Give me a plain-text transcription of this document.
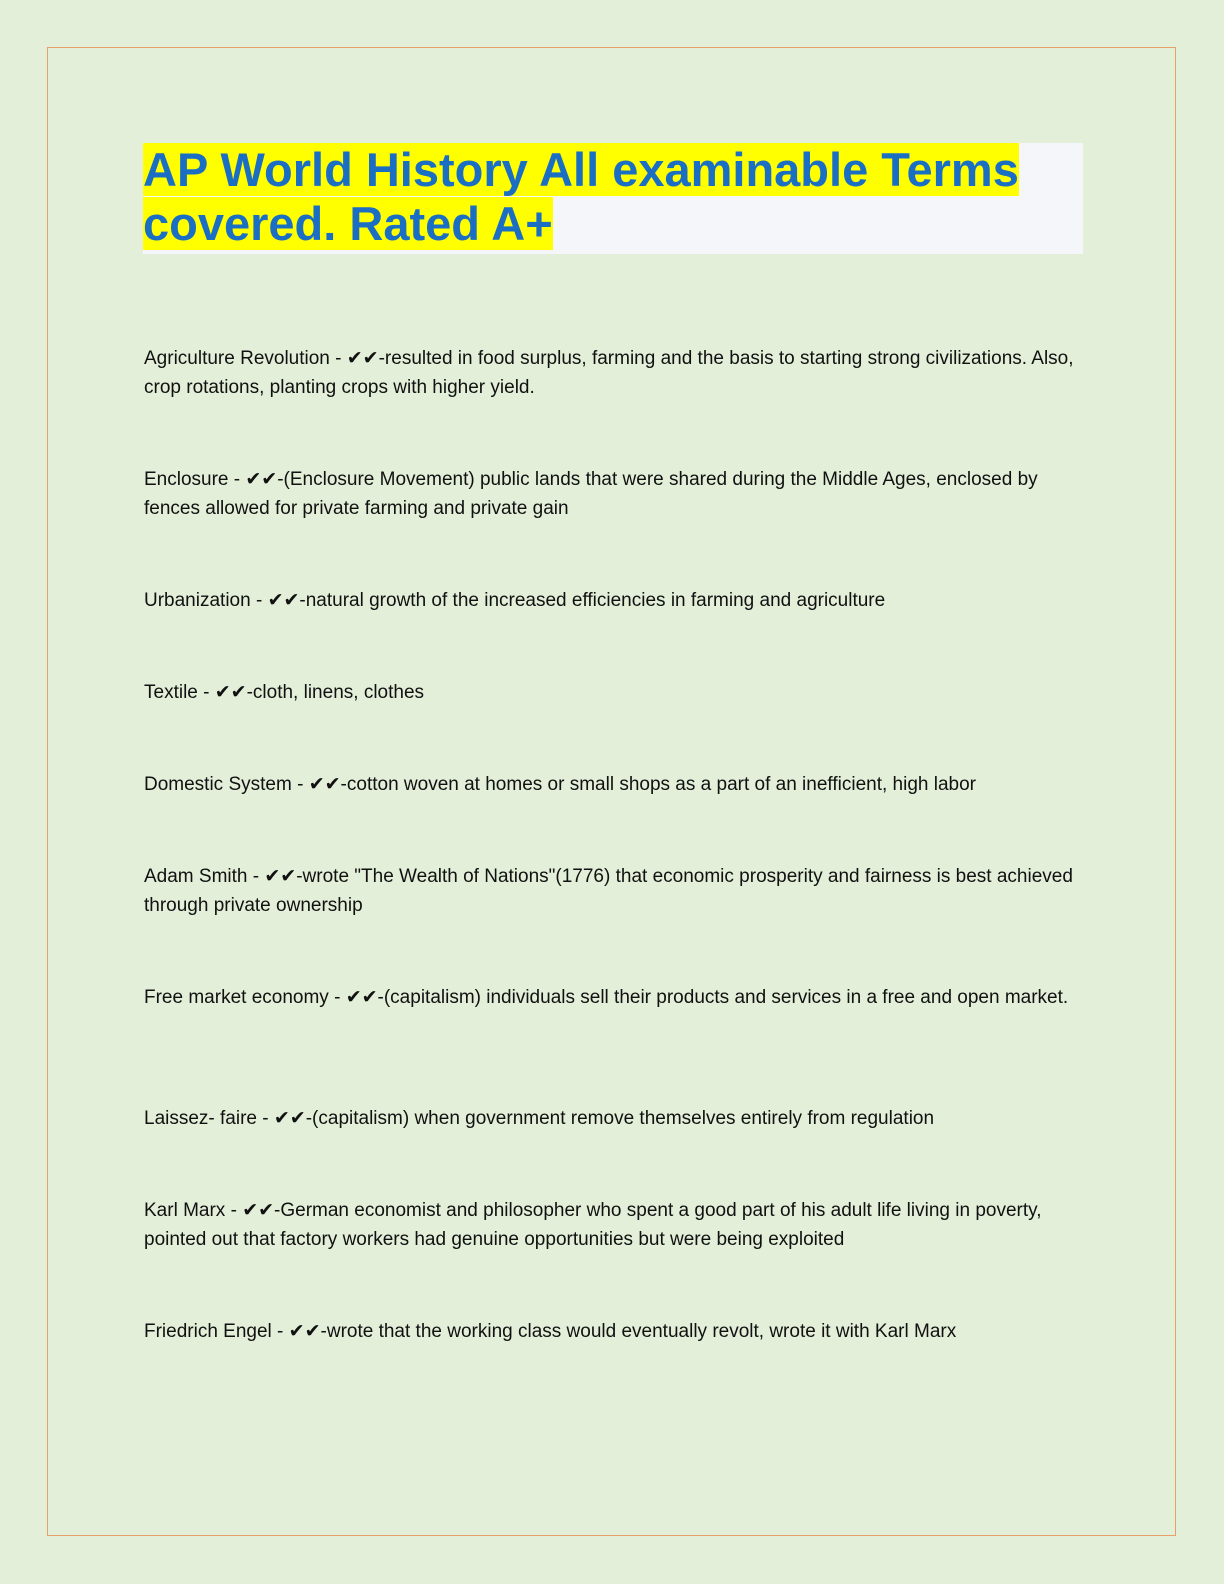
AP World History All examinable Terms covered. Rated A+

Agriculture Revolution - ✔✔-resulted in food surplus, farming and the basis to starting strong civilizations. Also, crop rotations, planting crops with higher yield.

Enclosure - ✔✔-(Enclosure Movement) public lands that were shared during the Middle Ages, enclosed by fences allowed for private farming and private gain

Urbanization - ✔✔-natural growth of the increased efficiencies in farming and agriculture

Textile - ✔✔-cloth, linens, clothes

Domestic System - ✔✔-cotton woven at homes or small shops as a part of an inefficient, high labor

Adam Smith - ✔✔-wrote "The Wealth of Nations"(1776) that economic prosperity and fairness is best achieved through private ownership

Free market economy - ✔✔-(capitalism) individuals sell their products and services in a free and open market.

Laissez- faire - ✔✔-(capitalism) when government remove themselves entirely from regulation

Karl Marx - ✔✔-German economist and philosopher who spent a good part of his adult life living in poverty, pointed out that factory workers had genuine opportunities but were being exploited

Friedrich Engel - ✔✔-wrote that the working class would eventually revolt, wrote it with Karl Marx
